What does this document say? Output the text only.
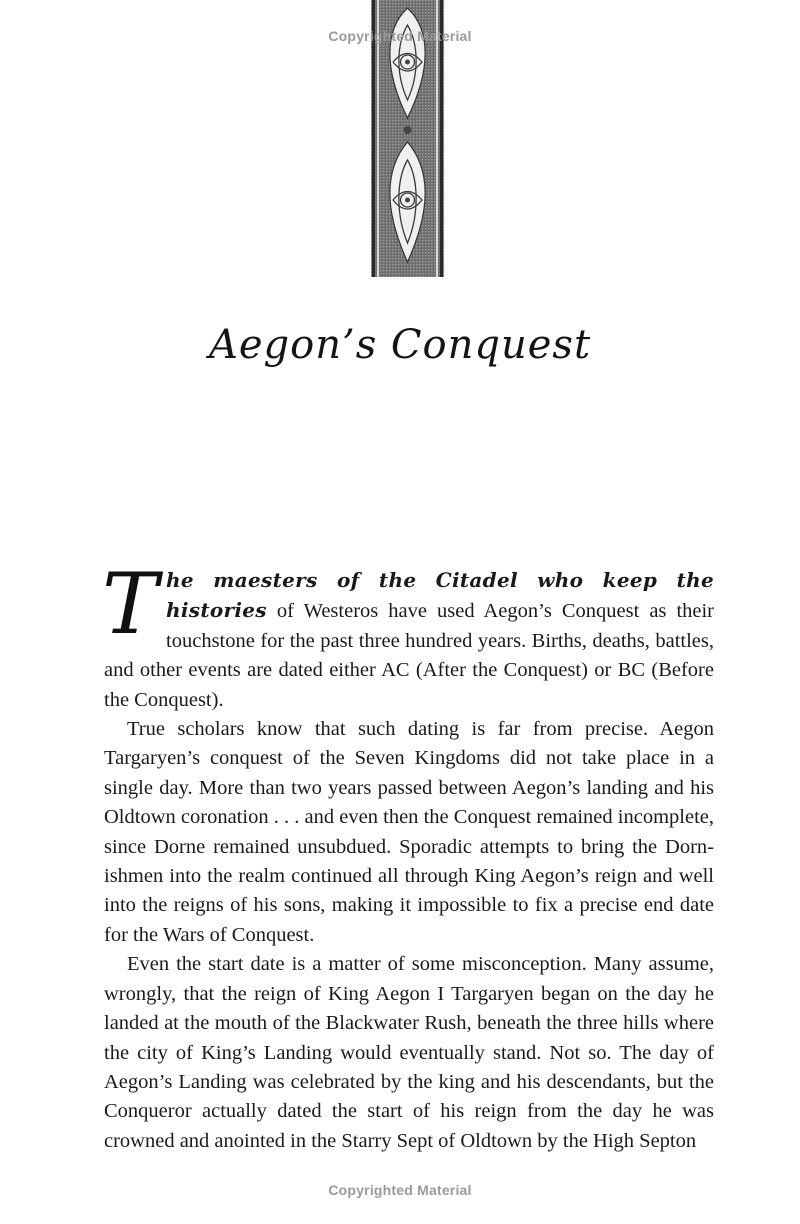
Copyrighted Material
Aegon’s Conquest

The maesters of the Citadel who keep the histories of Westeros have used Aegon’s Conquest as their touchstone for the past three hundred years. Births, deaths, battles, and other events are dated either AC (After the Conquest) or BC (Before the Conquest).

True scholars know that such dating is far from precise. Aegon Targaryen’s conquest of the Seven Kingdoms did not take place in a single day. More than two years passed between Aegon’s landing and his Oldtown coronation . . . and even then the Conquest remained incomplete, since Dorne remained unsubdued. Sporadic attempts to bring the Dornishmen into the realm continued all through King Aegon’s reign and well into the reigns of his sons, making it impossible to fix a precise end date for the Wars of Conquest.

Even the start date is a matter of some misconception. Many assume, wrongly, that the reign of King Aegon I Targaryen began on the day he landed at the mouth of the Blackwater Rush, beneath the three hills where the city of King’s Landing would eventually stand. Not so. The day of Aegon’s Landing was celebrated by the king and his descendants, but the Conqueror actually dated the start of his reign from the day he was crowned and anointed in the Starry Sept of Oldtown by the High Septon

Copyrighted Material
